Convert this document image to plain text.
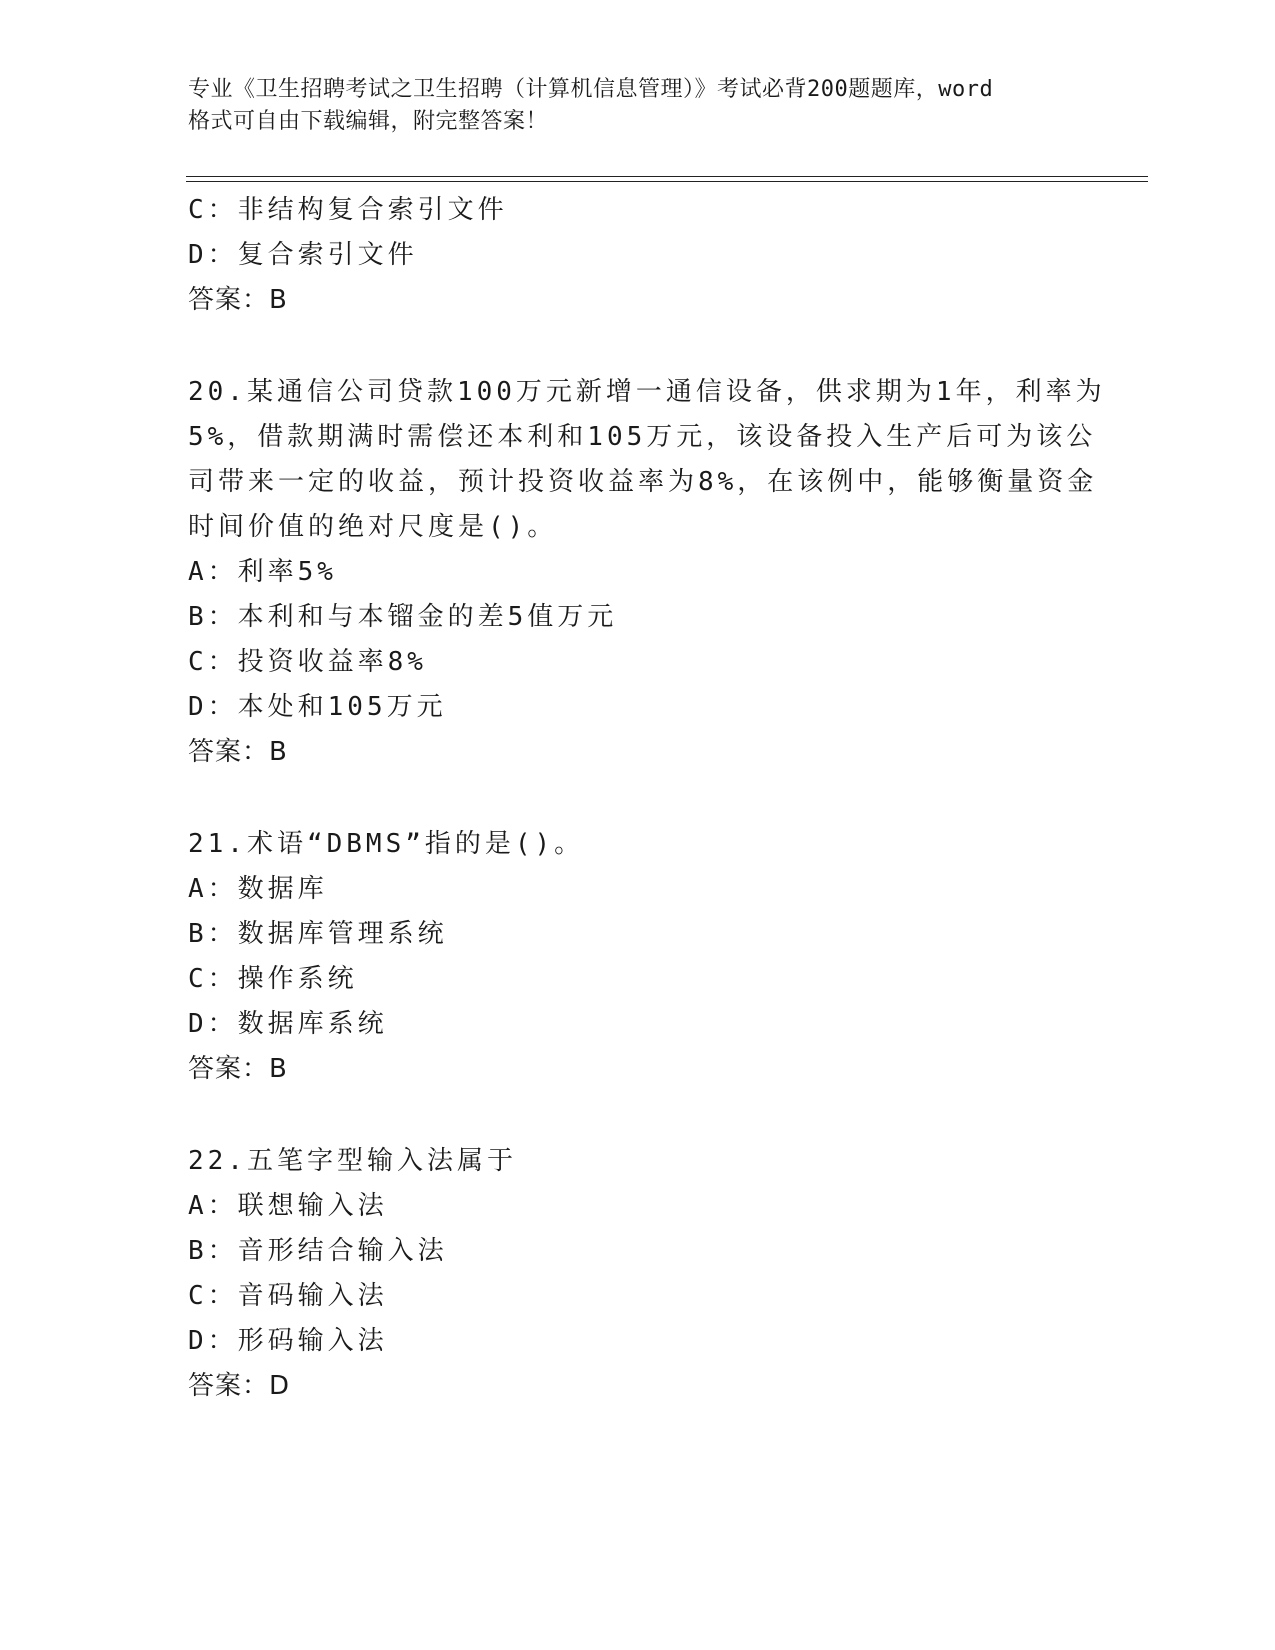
专业《卫生招聘考试之卫生招聘（计算机信息管理）》考试必背200题题库，word
格式可自由下载编辑，附完整答案！
C：非结构复合索引文件
D：复合索引文件
答案：B
20.某通信公司贷款100万元新增一通信设备，供求期为1年，利率为
5%，借款期满时需偿还本利和105万元，该设备投入生产后可为该公
司带来一定的收益，预计投资收益率为8%，在该例中，能够衡量资金
时间价值的绝对尺度是()。
A：利率5%
B：本利和与本镏金的差5值万元
C：投资收益率8%
D：本处和105万元
答案：B
21.术语“DBMS”指的是()。
A：数据库
B：数据库管理系统
C：操作系统
D：数据库系统
答案：B
22.五笔字型输入法属于
A：联想输入法
B：音形结合输入法
C：音码输入法
D：形码输入法
答案：D
